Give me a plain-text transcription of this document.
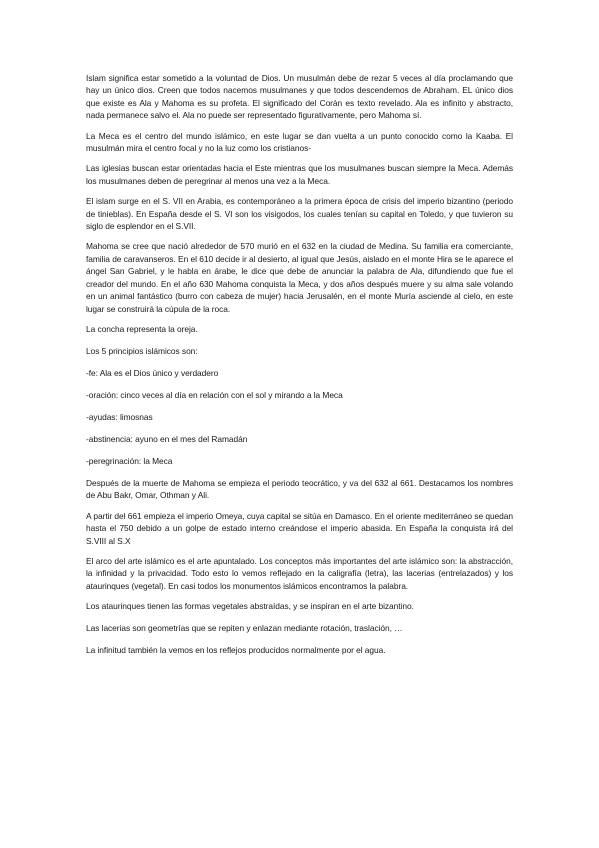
Islam significa estar sometido a la voluntad de Dios. Un musulmán debe de rezar 5 veces al día proclamando que hay un único dios. Creen que todos nacemos musulmanes y que todos descendemos de Abraham. EL único dios que existe es Ala y Mahoma es su profeta. El significado del Corán es texto revelado. Ala es infinito y abstracto, nada permanece salvo el. Ala no puede ser representado figurativamente, pero Mahoma sí.

La Meca es el centro del mundo islámico, en este lugar se dan vuelta a un punto conocido como la Kaaba. El musulmán mira el centro focal y no la luz como los cristianos-

Las iglesias buscan estar orientadas hacia el Este mientras que los musulmanes buscan siempre la Meca. Además los musulmanes deben de peregrinar al menos una vez a la Meca.

El islam surge en el S. VII en Arabia, es contemporáneo a la primera época de crisis del imperio bizantino (periodo de tinieblas). En España desde el S. VI son los visigodos, los cuales tenían su capital en Toledo, y que tuvieron su siglo de esplendor en el S.VII.

Mahoma se cree que nació alrededor de 570 murió en el 632 en la ciudad de Medina. Su familia era comerciante, familia de caravanseros. En el 610 decide ir al desierto, al igual que Jesús, aislado en el monte Hira se le aparece el ángel San Gabriel, y le habla en árabe, le dice que debe de anunciar la palabra de Ala, difundiendo que fue el creador del mundo. En el año 630 Mahoma conquista la Meca, y dos años después muere y su alma sale volando en un animal fantástico (burro con cabeza de mujer) hacia Jerusalén, en el monte Muría asciende al cielo, en este lugar se construirá la cúpula de la roca.

La concha representa la oreja.

Los 5 principios islámicos son:

-fe: Ala es el Dios único y verdadero

-oración: cinco veces al día en relación con el sol y mirando a la Meca

-ayudas: limosnas

-abstinencia: ayuno en el mes del Ramadán

-peregrinación: la Meca

Después de la muerte de Mahoma se empieza el periodo teocrático, y va del 632 al 661. Destacamos los nombres de Abu Bakr, Omar, Othman y Ali.

A partir del 661 empieza el imperio Omeya, cuya capital se sitúa en Damasco. En el oriente mediterráneo se quedan hasta el 750 debido a un golpe de estado interno creándose el imperio abasida. En España la conquista irá del S.VIII al S.X

El arco del arte islámico es el arte apuntalado. Los conceptos más importantes del arte islámico son: la abstracción, la infinidad y la privacidad. Todo esto lo vemos reflejado en la caligrafía (letra), las lacerias (entrelazados) y los ataurinques (vegetal). En casi todos los monumentos islámicos encontramos la palabra.

Los ataurinques tienen las formas vegetales abstraídas, y se inspiran en el arte bizantino.

Las lacerias son geometrías que se repiten y enlazan mediante rotación, traslación, …

La infinitud también la vemos en los reflejos producidos normalmente por el agua.
